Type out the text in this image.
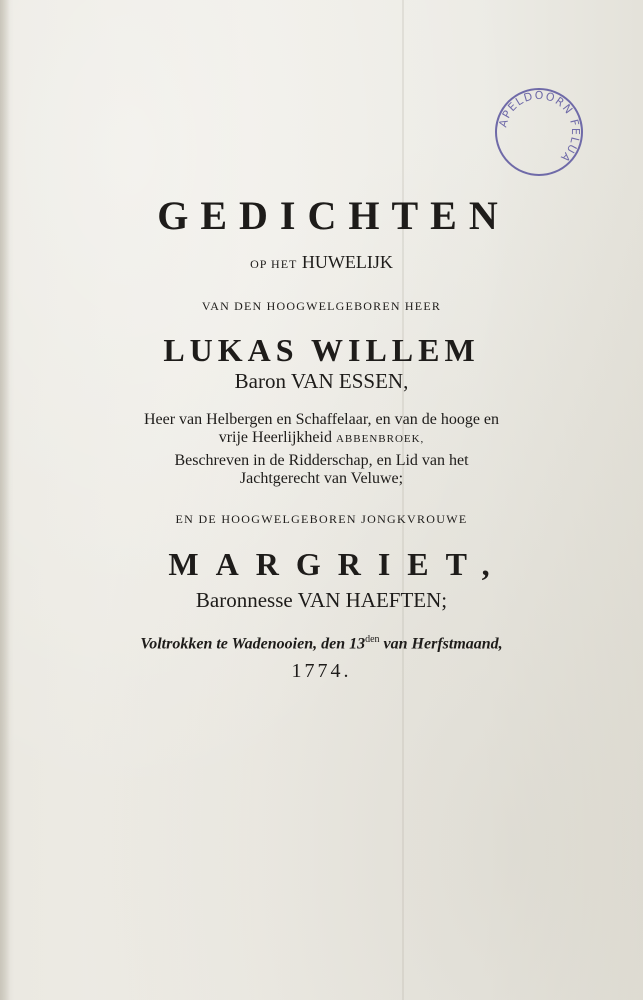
APELDOORN FELUA
GEDICHTEN
OP HET HUWELIJK
VAN DEN HOOGWELGEBOREN HEER
LUKAS WILLEM
Baron VAN ESSEN,
Heer van Helbergen en Schaffelaar, en van de hooge en
vrije Heerlijkheid ABBENBROEK,
Beschreven in de Ridderschap, en Lid van het
Jachtgerecht van Veluwe;
EN DE HOOGWELGEBOREN JONGKVROUWE
MARGRIET,
Baronnesse VAN HAEFTEN;
Voltrokken te Wadenooien, den $13^{den}$ van Herfstmaand,
1774.
